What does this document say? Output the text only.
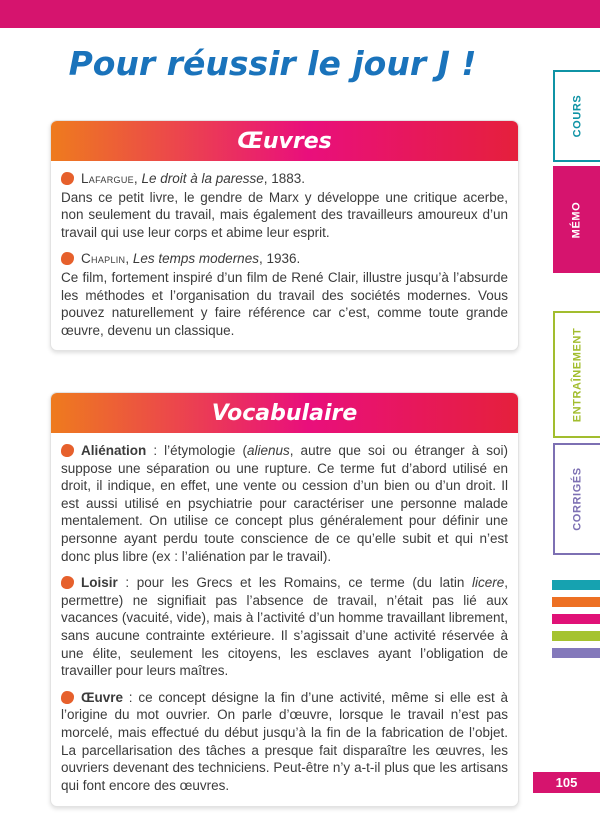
Pour réussir le jour J !
Œuvres

Lafargue, Le droit à la paresse, 1883.

Dans ce petit livre, le gendre de Marx y développe une critique acerbe, non seulement du travail, mais également des travailleurs amoureux d’un travail qui use leur corps et abime leur esprit.

Chaplin, Les temps modernes, 1936.

Ce film, fortement inspiré d’un film de René Clair, illustre jusqu’à l’absurde les méthodes et l’organisation du travail des sociétés modernes. Vous pouvez naturellement y faire référence car c’est, comme toute grande œuvre, devenu un classique.

Vocabulaire

Aliénation : l’étymologie (alienus, autre que soi ou étranger à soi) suppose une séparation ou une rupture. Ce terme fut d’abord utilisé en droit, il indique, en effet, une vente ou cession d’un bien ou d’un droit. Il est aussi utilisé en psychiatrie pour caractériser une personne malade mentalement. On utilise ce concept plus généralement pour définir une personne ayant perdu toute conscience de ce qu’elle subit et qui n’est donc plus libre (ex : l’aliénation par le travail).

Loisir : pour les Grecs et les Romains, ce terme (du latin licere, permettre) ne signifiait pas l’absence de travail, n’était pas lié aux vacances (vacuité, vide), mais à l’activité d’un homme travaillant librement, sans aucune contrainte extérieure. Il s’agissait d’une activité réservée à une élite, seulement les citoyens, les esclaves ayant l’obligation de travailler pour leurs maîtres.

Œuvre : ce concept désigne la fin d’une activité, même si elle est à l’origine du mot ouvrier. On parle d’œuvre, lorsque le travail n’est pas morcelé, mais effectué du début jusqu’à la fin de la fabrication de l’objet. La parcellarisation des tâches a presque fait disparaître les œuvres, les ouvriers devenant des techniciens. Peut-être n’y a-t-il plus que les artisans qui font encore des œuvres.

COURS
MÉMO
ENTRAÎNEMENT
CORRIGÉS
105
